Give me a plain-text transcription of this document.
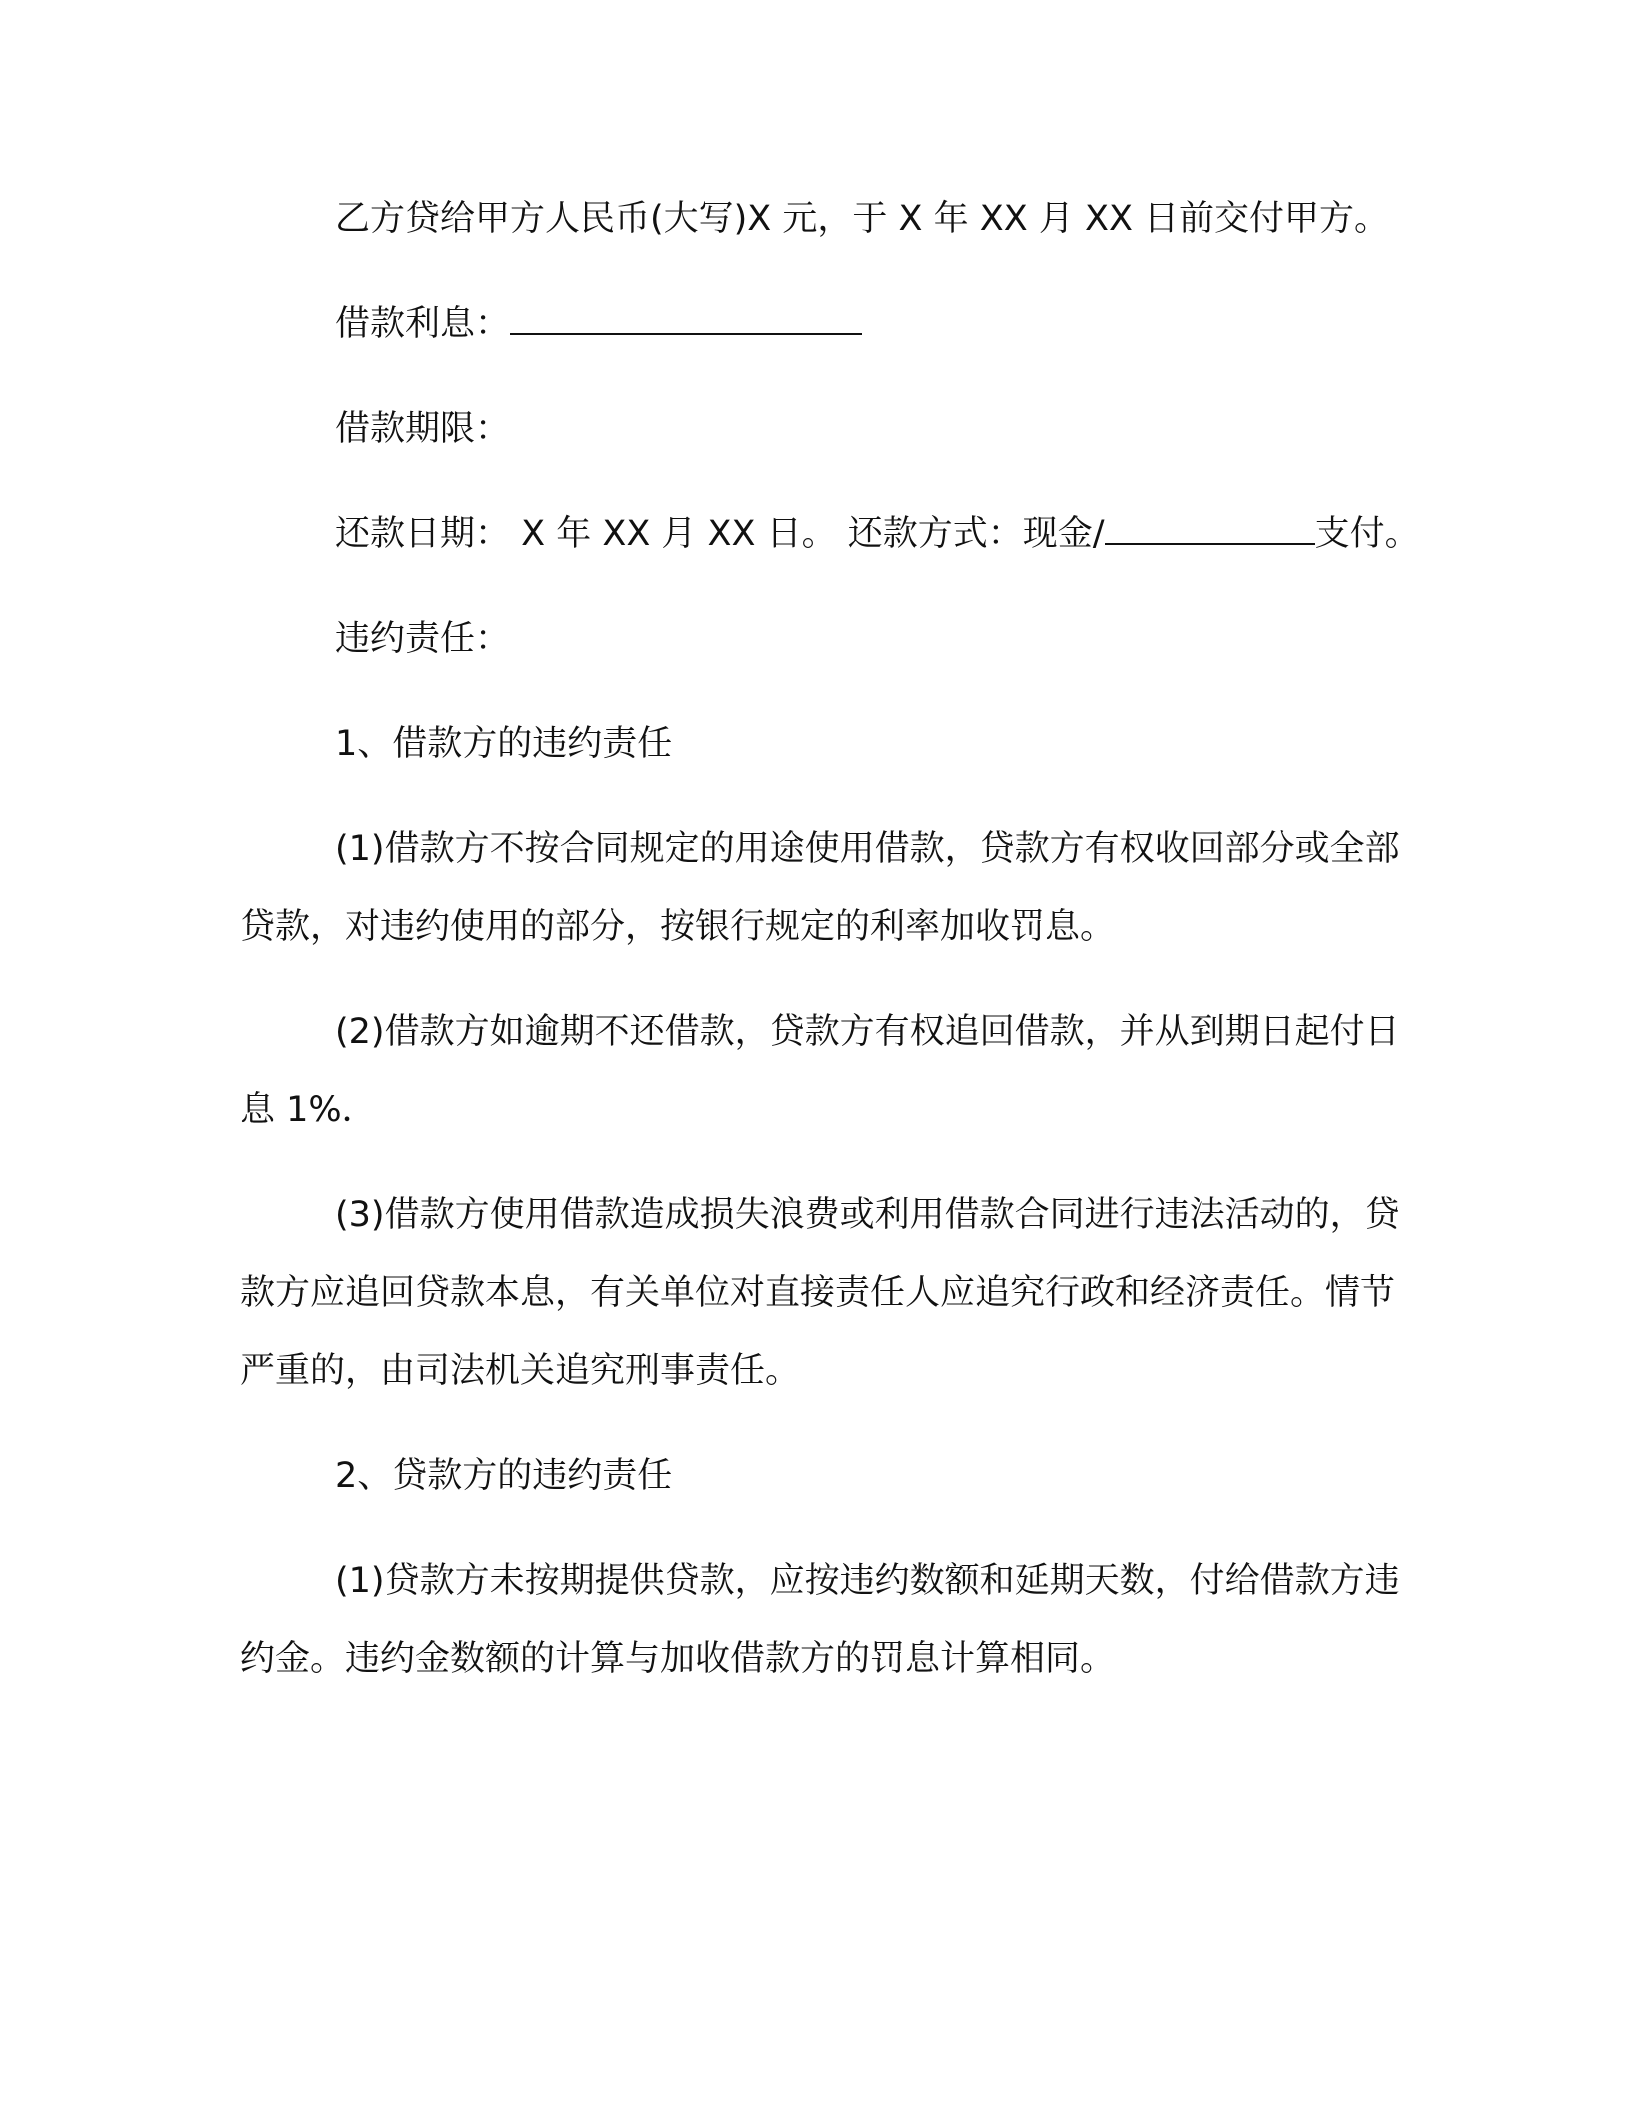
乙方贷给甲方人民币(大写)X 元，于 X 年 XX 月 XX 日前交付甲方。

借款利息：

借款期限：

还款日期： X 年 XX 月 XX 日。 还款方式：现金/	支付。

违约责任：

1、借款方的违约责任

(1)借款方不按合同规定的用途使用借款，贷款方有权收回部分或全部贷款，对违约使用的部分，按银行规定的利率加收罚息。

(2)借款方如逾期不还借款，贷款方有权追回借款，并从到期日起付日息 1%．

(3)借款方使用借款造成损失浪费或利用借款合同进行违法活动的，贷款方应追回贷款本息，有关单位对直接责任人应追究行政和经济责任。情节严重的，由司法机关追究刑事责任。

2、贷款方的违约责任

(1)贷款方未按期提供贷款，应按违约数额和延期天数，付给借款方违约金。违约金数额的计算与加收借款方的罚息计算相同。
